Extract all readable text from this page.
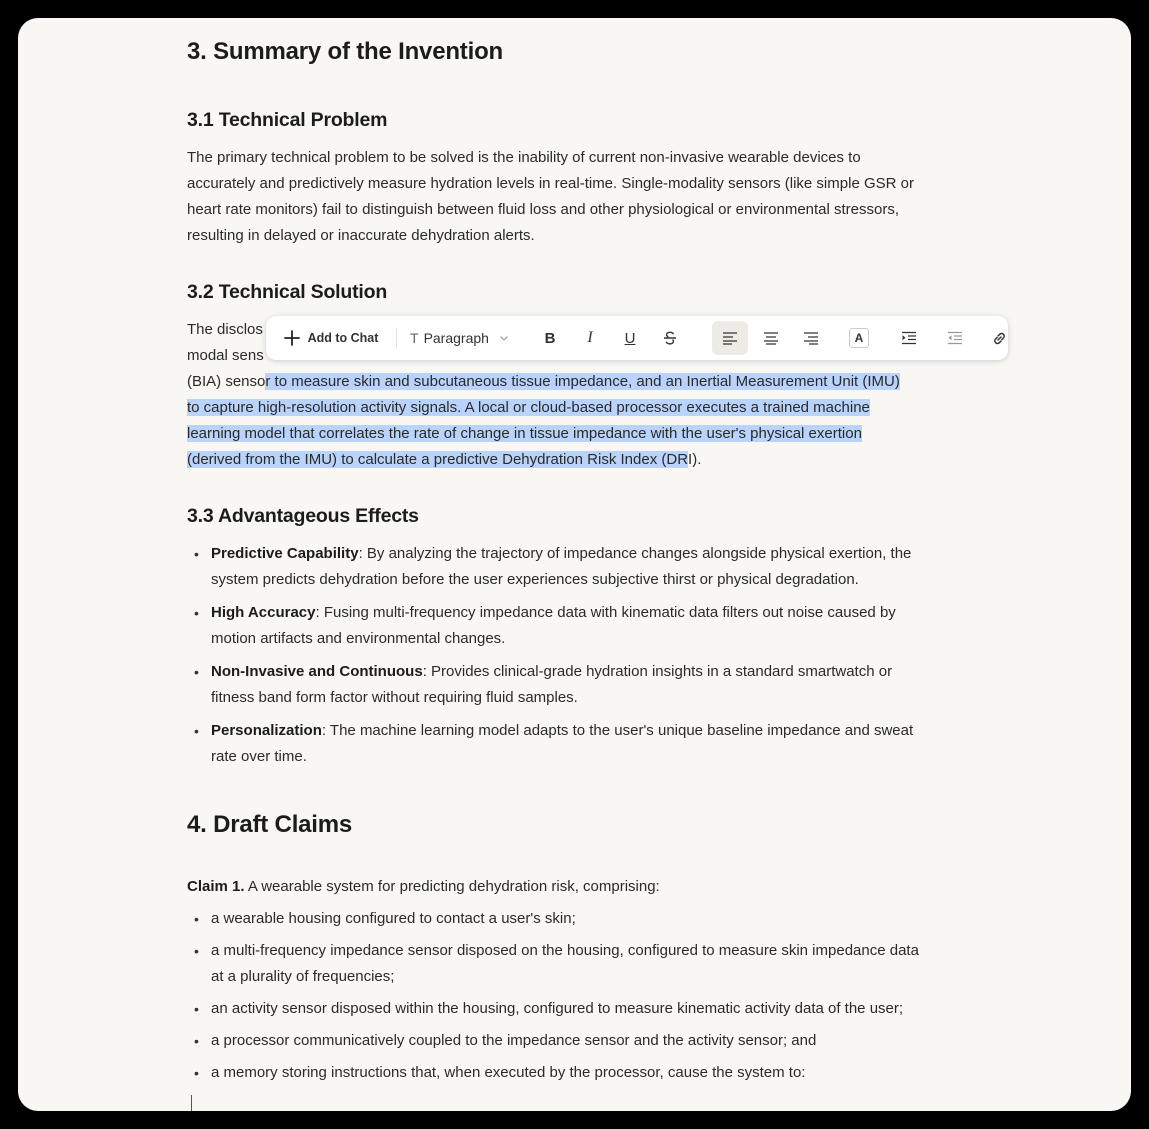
3. Summary of the Invention
3.1 Technical Problem

The primary technical problem to be solved is the inability of current non-invasive wearable devices to accurately and predictively measure hydration levels in real-time. Single-modality sensors (like simple GSR or heart rate monitors) fail to distinguish between fluid loss and other physiological or environmental stressors, resulting in delayed or inaccurate dehydration alerts.

3.2 Technical Solution
The disclos
modal sens
(BIA) sensor to measure skin and subcutaneous tissue impedance, and an Inertial Measurement Unit (IMU)
to capture high-resolution activity signals. A local or cloud-based processor executes a trained machine
learning model that correlates the rate of change in tissue impedance with the user's physical exertion
(derived from the IMU) to calculate a predictive Dehydration Risk Index (DRI).
3.3 Advantageous Effects
• Predictive Capability: By analyzing the trajectory of impedance changes alongside physical exertion, the system predicts dehydration before the user experiences subjective thirst or physical degradation.
• High Accuracy: Fusing multi-frequency impedance data with kinematic data filters out noise caused by motion artifacts and environmental changes.
• Non-Invasive and Continuous: Provides clinical-grade hydration insights in a standard smartwatch or fitness band form factor without requiring fluid samples.
• Personalization: The machine learning model adapts to the user's unique baseline impedance and sweat rate over time.
4. Draft Claims

Claim 1. A wearable system for predicting dehydration risk, comprising:

• a wearable housing configured to contact a user's skin;
• a multi-frequency impedance sensor disposed on the housing, configured to measure skin impedance data at a plurality of frequencies;
• an activity sensor disposed within the housing, configured to measure kinematic activity data of the user;
• a processor communicatively coupled to the impedance sensor and the activity sensor; and
• a memory storing instructions that, when executed by the processor, cause the system to:
Add to Chat T Paragraph	B I U	A
